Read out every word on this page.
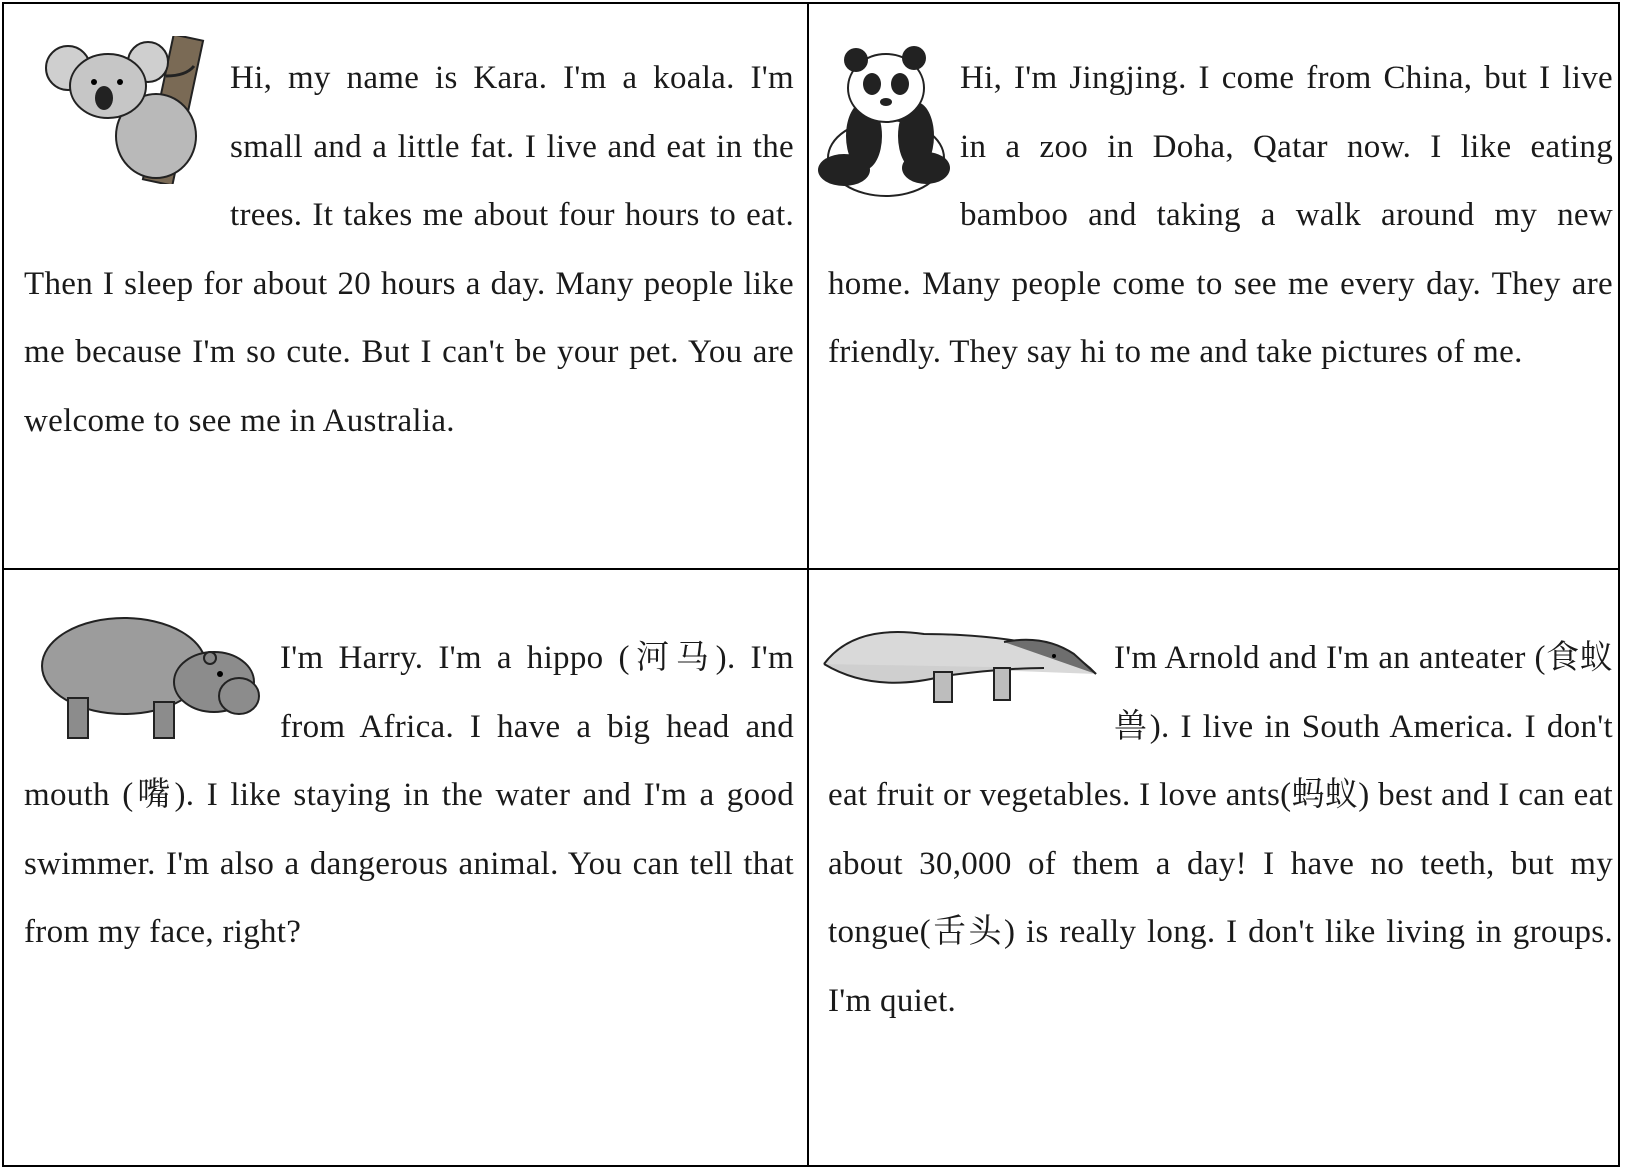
Hi, my name is Kara. I'm a koala. I'm small and a little fat. I live and eat in the trees. It takes me about four hours to eat. Then I sleep for about 20 hours a day. Many people like me because I'm so cute. But I can't be your pet. You are welcome to see me in Australia.

Hi, I'm Jingjing. I come from China, but I live in a zoo in Doha, Qatar now. I like eating bamboo and taking a walk around my new home. Many people come to see me every day. They are friendly. They say hi to me and take pictures of me.

I'm Harry. I'm a hippo (河马). I'm from Africa. I have a big head and mouth (嘴). I like staying in the water and I'm a good swimmer. I'm also a dangerous animal. You can tell that from my face, right?

I'm Arnold and I'm an anteater (食蚁兽). I live in South America. I don't eat fruit or vegetables. I love ants(蚂蚁) best and I can eat about 30,000 of them a day! I have no teeth, but my tongue(舌头) is really long. I don't like living in groups. I'm quiet.
